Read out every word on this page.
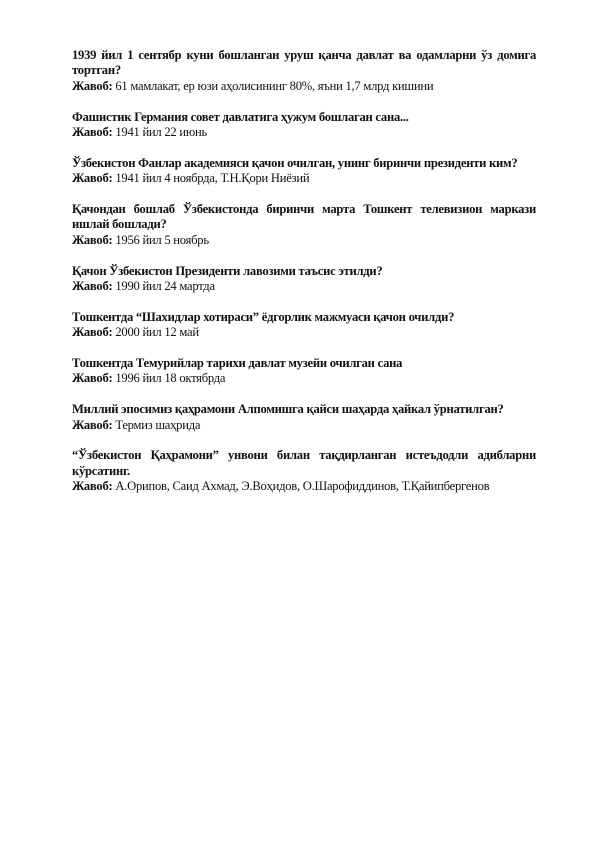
1939 йил 1 сентябр куни бошланган уруш қанча давлат ва одамларни ўз домига тортган?

Жавоб: 61 мамлакат, ер юзи аҳолисининг 80%, яъни 1,7 млрд кишини

Фашистик Германия совет давлатига ҳужум бошлаган сана...

Жавоб: 1941 йил 22 июнь

Ўзбекистон Фанлар академияси қачон очилган, унинг биринчи президенти ким?

Жавоб: 1941 йил 4 ноябрда, Т.Н.Қори Ниёзий

Қачондан бошлаб Ўзбекистонда биринчи марта Тошкент телевизион маркази ишлай бошлади?

Жавоб: 1956 йил 5 ноябрь

Қачон Ўзбекистон Президенти лавозими таъсис этилди?

Жавоб: 1990 йил 24 мартда

Тошкентда “Шахидлар хотираси” ёдгорлик мажмуаси қачон очилди?

Жавоб: 2000 йил 12 май

Тошкентда Темурийлар тарихи давлат музейи очилган сана

Жавоб: 1996 йил 18 октябрда

Миллий эпосимиз қаҳрамони Алпомишга қайси шаҳарда ҳайкал ўрнатилган?

Жавоб: Термиз шаҳрида

“Ўзбекистон Қаҳрамони” унвони билан тақдирланган истеъдодли адибларни кўрсатинг.

Жавоб: А.Орипов, Саид Ахмад, Э.Воҳидов, О.Шарофиддинов, Т.Қайипбергенов
